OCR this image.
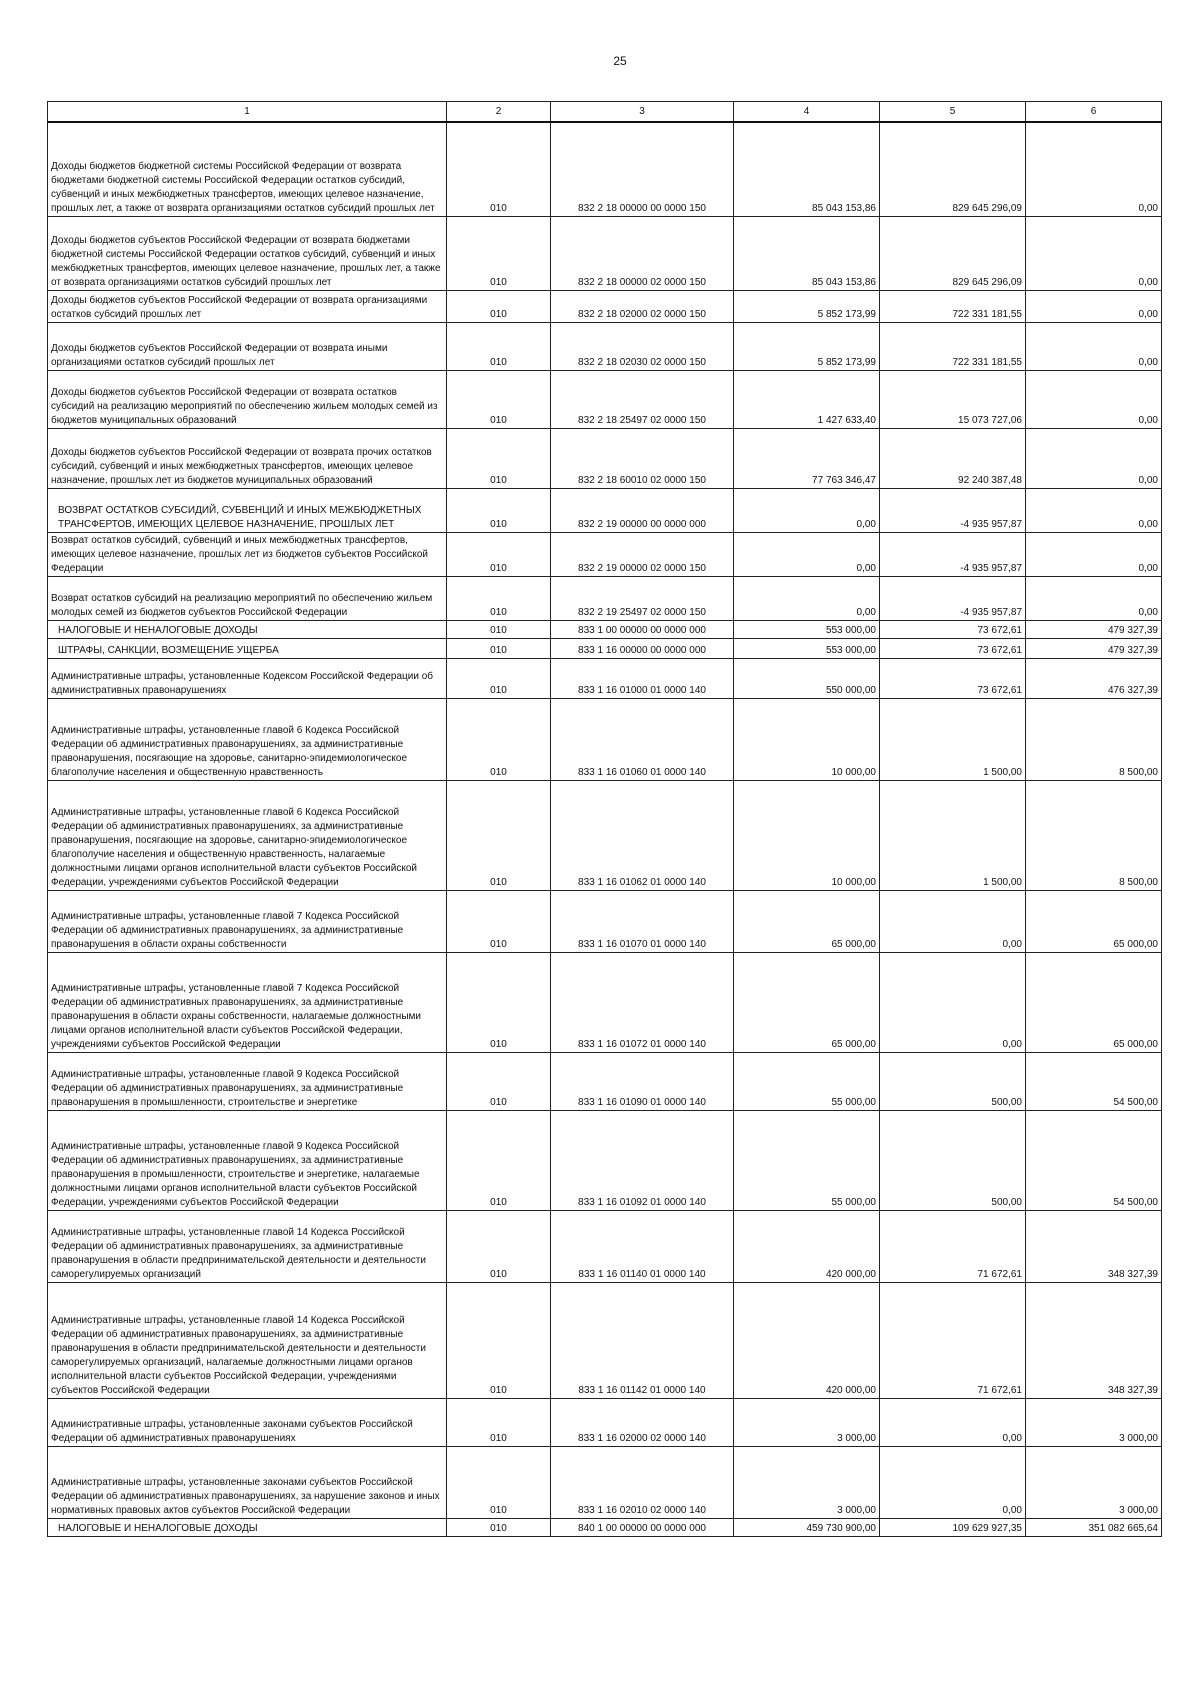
25
1	2	3	4	5	6
Доходы бюджетов бюджетной системы Российской Федерации от возврата бюджетами бюджетной системы Российской Федерации остатков субсидий, субвенций и иных межбюджетных трансфертов, имеющих целевое назначение, прошлых лет, а также от возврата организациями остатков субсидий прошлых лет	010	832 2 18 00000 00 0000 150	85 043 153,86	829 645 296,09	0,00
Доходы бюджетов субъектов Российской Федерации от возврата бюджетами бюджетной системы Российской Федерации остатков субсидий, субвенций и иных межбюджетных трансфертов, имеющих целевое назначение, прошлых лет, а также от возврата организациями остатков субсидий прошлых лет	010	832 2 18 00000 02 0000 150	85 043 153,86	829 645 296,09	0,00
Доходы бюджетов субъектов Российской Федерации от возврата организациями остатков субсидий прошлых лет	010	832 2 18 02000 02 0000 150	5 852 173,99	722 331 181,55	0,00
Доходы бюджетов субъектов Российской Федерации от возврата иными организациями остатков субсидий прошлых лет	010	832 2 18 02030 02 0000 150	5 852 173,99	722 331 181,55	0,00
Доходы бюджетов субъектов Российской Федерации от возврата остатков субсидий на реализацию мероприятий по обеспечению жильем молодых семей из бюджетов муниципальных образований	010	832 2 18 25497 02 0000 150	1 427 633,40	15 073 727,06	0,00
Доходы бюджетов субъектов Российской Федерации от возврата прочих остатков субсидий, субвенций и иных межбюджетных трансфертов, имеющих целевое назначение, прошлых лет из бюджетов муниципальных образований	010	832 2 18 60010 02 0000 150	77 763 346,47	92 240 387,48	0,00
ВОЗВРАТ ОСТАТКОВ СУБСИДИЙ, СУБВЕНЦИЙ И ИНЫХ МЕЖБЮДЖЕТНЫХ ТРАНСФЕРТОВ, ИМЕЮЩИХ ЦЕЛЕВОЕ НАЗНАЧЕНИЕ, ПРОШЛЫХ ЛЕТ	010	832 2 19 00000 00 0000 000	0,00	-4 935 957,87	0,00
Возврат остатков субсидий, субвенций и иных межбюджетных трансфертов, имеющих целевое назначение, прошлых лет из бюджетов субъектов Российской Федерации	010	832 2 19 00000 02 0000 150	0,00	-4 935 957,87	0,00
Возврат остатков субсидий на реализацию мероприятий по обеспечению жильем молодых семей из бюджетов субъектов Российской Федерации	010	832 2 19 25497 02 0000 150	0,00	-4 935 957,87	0,00
НАЛОГОВЫЕ И НЕНАЛОГОВЫЕ ДОХОДЫ	010	833 1 00 00000 00 0000 000	553 000,00	73 672,61	479 327,39
ШТРАФЫ, САНКЦИИ, ВОЗМЕЩЕНИЕ УЩЕРБА	010	833 1 16 00000 00 0000 000	553 000,00	73 672,61	479 327,39
Административные штрафы, установленные Кодексом Российской Федерации об административных правонарушениях	010	833 1 16 01000 01 0000 140	550 000,00	73 672,61	476 327,39
Административные штрафы, установленные главой 6 Кодекса Российской Федерации об административных правонарушениях, за административные правонарушения, посягающие на здоровье, санитарно-эпидемиологическое благополучие населения и общественную нравственность	010	833 1 16 01060 01 0000 140	10 000,00	1 500,00	8 500,00
Административные штрафы, установленные главой 6 Кодекса Российской Федерации об административных правонарушениях, за административные правонарушения, посягающие на здоровье, санитарно-эпидемиологическое благополучие населения и общественную нравственность, налагаемые должностными лицами органов исполнительной власти субъектов Российской Федерации, учреждениями субъектов Российской Федерации	010	833 1 16 01062 01 0000 140	10 000,00	1 500,00	8 500,00
Административные штрафы, установленные главой 7 Кодекса Российской Федерации об административных правонарушениях, за административные правонарушения в области охраны собственности	010	833 1 16 01070 01 0000 140	65 000,00	0,00	65 000,00
Административные штрафы, установленные главой 7 Кодекса Российской Федерации об административных правонарушениях, за административные правонарушения в области охраны собственности, налагаемые должностными лицами органов исполнительной власти субъектов Российской Федерации, учреждениями субъектов Российской Федерации	010	833 1 16 01072 01 0000 140	65 000,00	0,00	65 000,00
Административные штрафы, установленные главой 9 Кодекса Российской Федерации об административных правонарушениях, за административные правонарушения в промышленности, строительстве и энергетике	010	833 1 16 01090 01 0000 140	55 000,00	500,00	54 500,00
Административные штрафы, установленные главой 9 Кодекса Российской Федерации об административных правонарушениях, за административные правонарушения в промышленности, строительстве и энергетике, налагаемые должностными лицами органов исполнительной власти субъектов Российской Федерации, учреждениями субъектов Российской Федерации	010	833 1 16 01092 01 0000 140	55 000,00	500,00	54 500,00
Административные штрафы, установленные главой 14 Кодекса Российской Федерации об административных правонарушениях, за административные правонарушения в области предпринимательской деятельности и деятельности саморегулируемых организаций	010	833 1 16 01140 01 0000 140	420 000,00	71 672,61	348 327,39
Административные штрафы, установленные главой 14 Кодекса Российской Федерации об административных правонарушениях, за административные правонарушения в области предпринимательской деятельности и деятельности саморегулируемых организаций, налагаемые должностными лицами органов исполнительной власти субъектов Российской Федерации, учреждениями субъектов Российской Федерации	010	833 1 16 01142 01 0000 140	420 000,00	71 672,61	348 327,39
Административные штрафы, установленные законами субъектов Российской Федерации об административных правонарушениях	010	833 1 16 02000 02 0000 140	3 000,00	0,00	3 000,00
Административные штрафы, установленные законами субъектов Российской Федерации об административных правонарушениях, за нарушение законов и иных нормативных правовых актов субъектов Российской Федерации	010	833 1 16 02010 02 0000 140	3 000,00	0,00	3 000,00
НАЛОГОВЫЕ И НЕНАЛОГОВЫЕ ДОХОДЫ	010	840 1 00 00000 00 0000 000	459 730 900,00	109 629 927,35	351 082 665,64
